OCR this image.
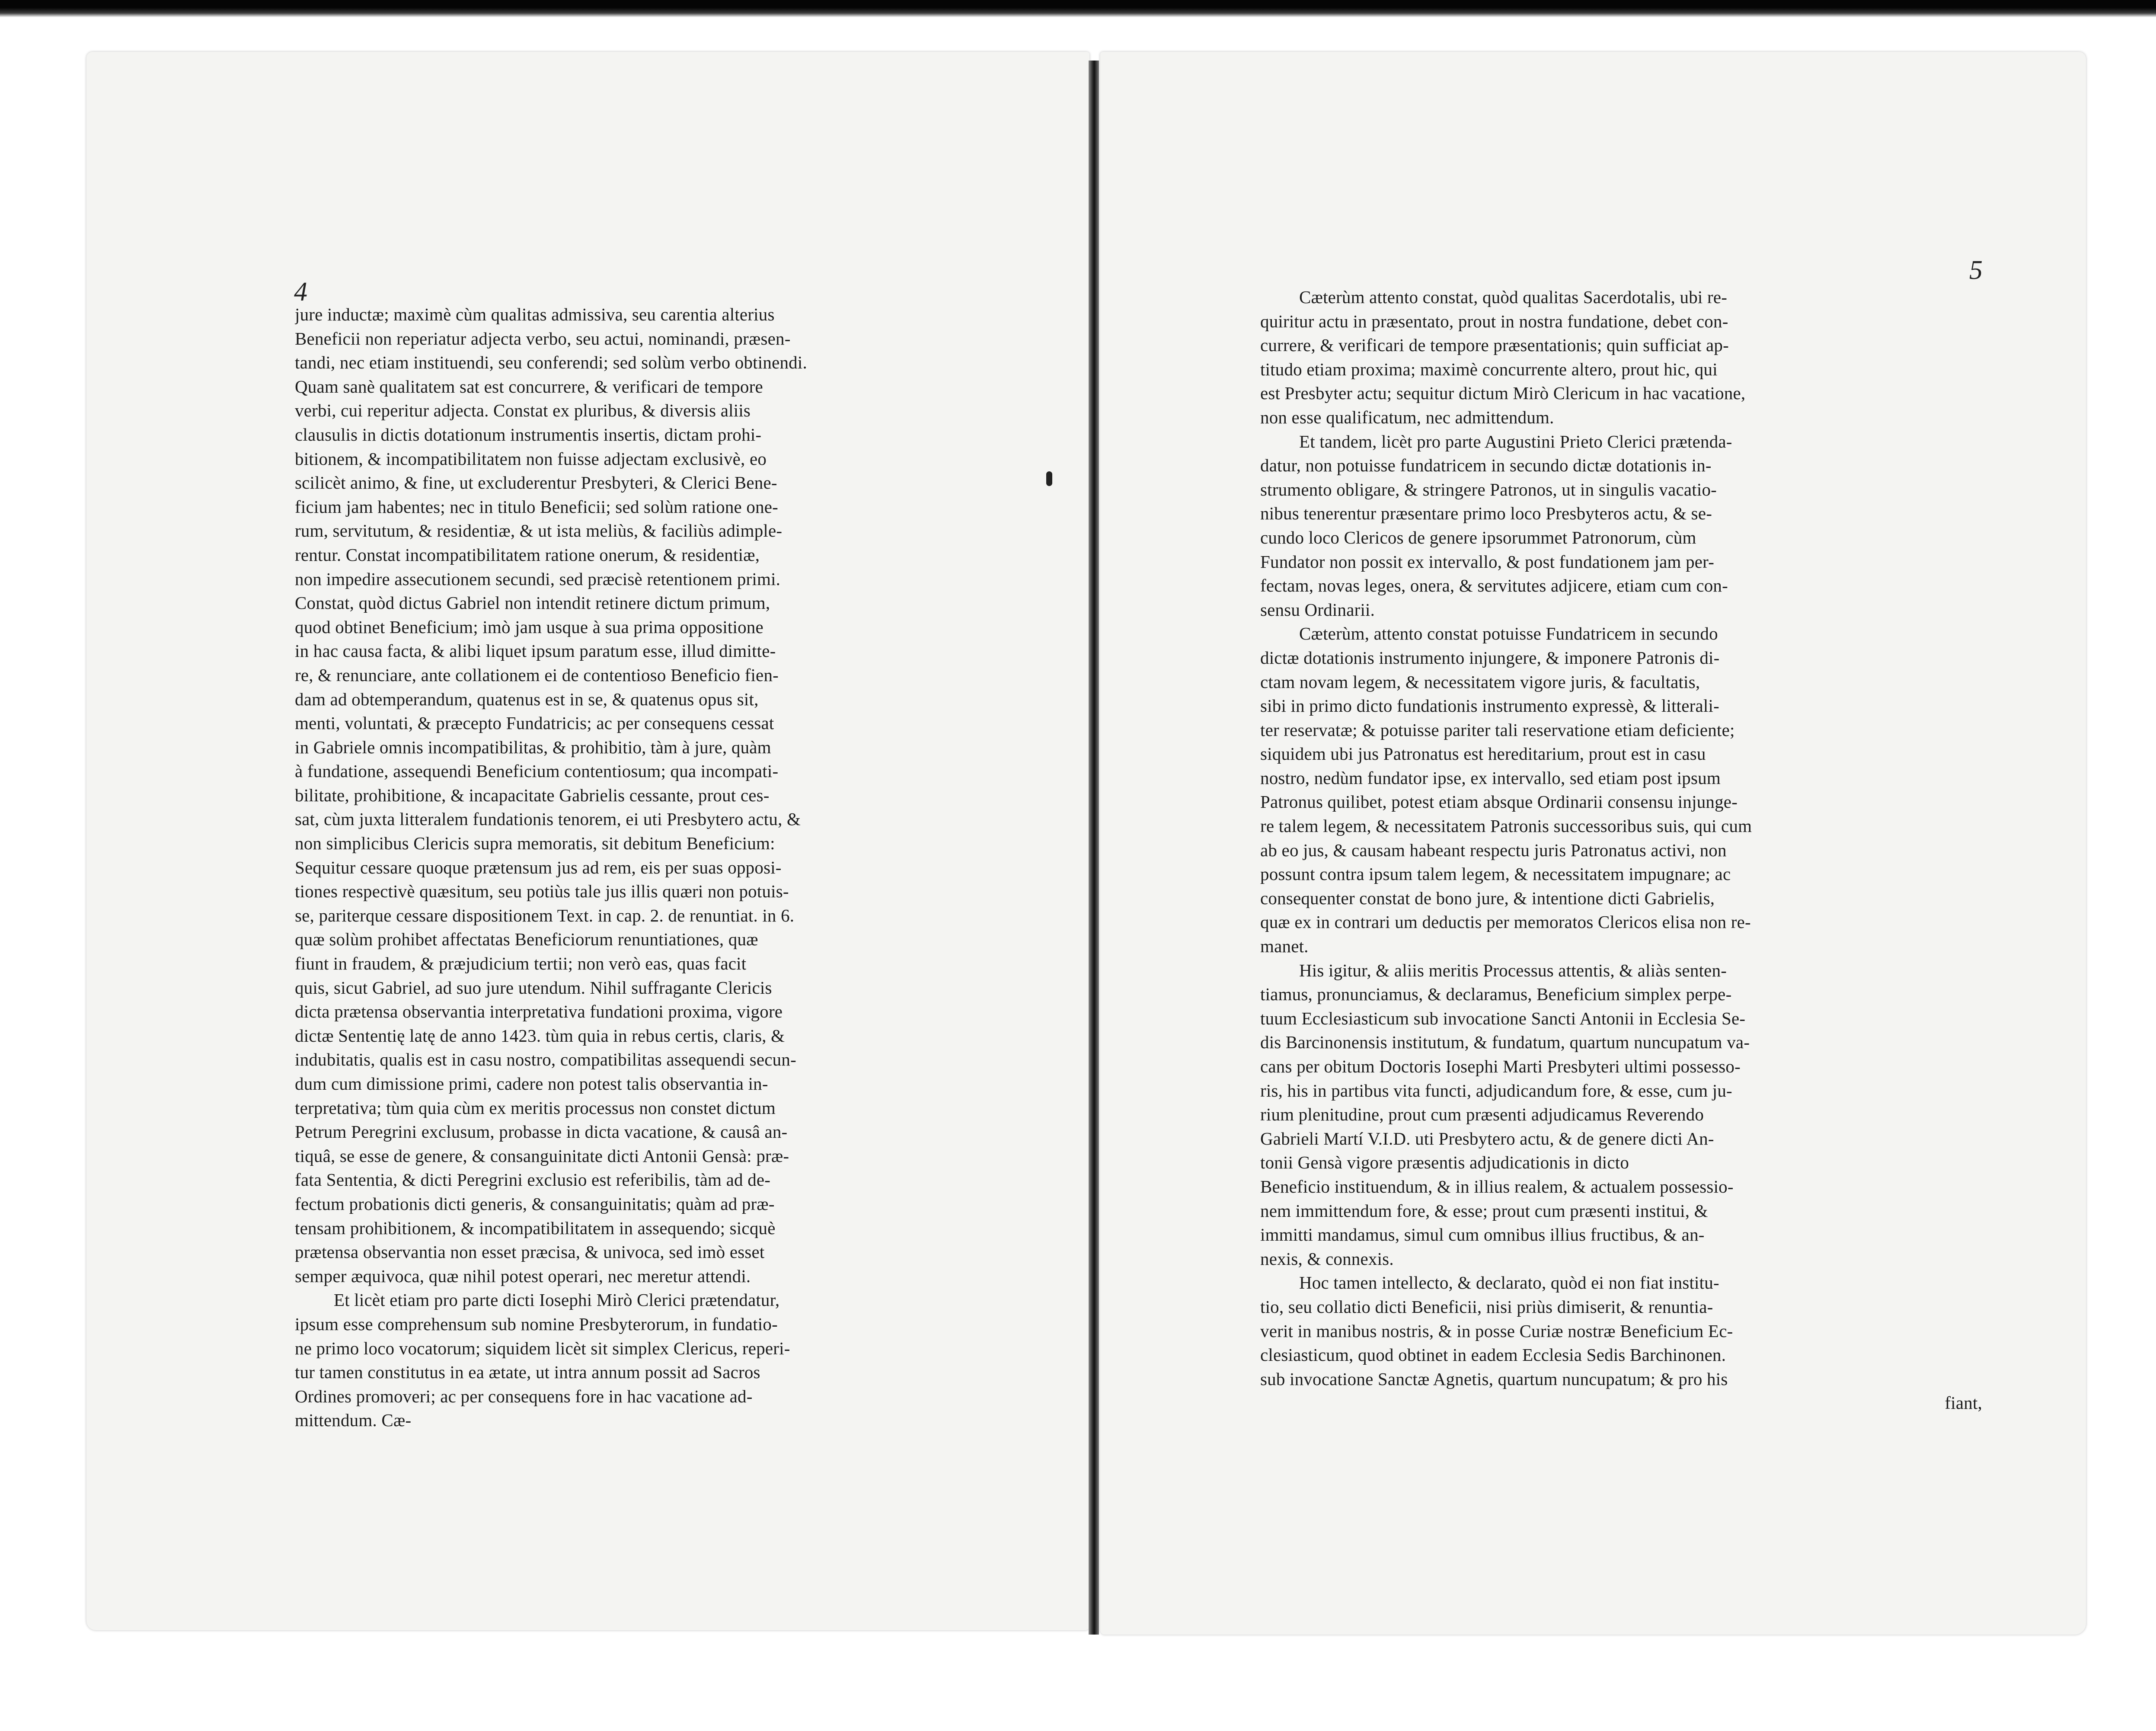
4
jure inductæ; maximè cùm qualitas admissiva, seu carentia alterius
Beneficii non reperiatur adjecta verbo, seu actui, nominandi, præsen-
tandi, nec etiam instituendi, seu conferendi; sed solùm verbo obtinendi.
Quam sanè qualitatem sat est concurrere, & verificari de tempore
verbi, cui reperitur adjecta. Constat ex pluribus, & diversis aliis
clausulis in dictis dotationum instrumentis insertis, dictam prohi-
bitionem, & incompatibilitatem non fuisse adjectam exclusivè, eo
scilicèt animo, & fine, ut excluderentur Presbyteri, & Clerici Bene-
ficium jam habentes; nec in titulo Beneficii; sed solùm ratione one-
rum, servitutum, & residentiæ, & ut ista meliùs, & faciliùs adimple-
rentur. Constat incompatibilitatem ratione onerum, & residentiæ,
non impedire assecutionem secundi, sed præcisè retentionem primi.
Constat, quòd dictus Gabriel non intendit retinere dictum primum,
quod obtinet Beneficium; imò jam usque à sua prima oppositione
in hac causa facta, & alibi liquet ipsum paratum esse, illud dimitte-
re, & renunciare, ante collationem ei de contentioso Beneficio fien-
dam ad obtemperandum, quatenus est in se, & quatenus opus sit,
menti, voluntati, & præcepto Fundatricis; ac per consequens cessat
in Gabriele omnis incompatibilitas, & prohibitio, tàm à jure, quàm
à fundatione, assequendi Beneficium contentiosum; qua incompati-
bilitate, prohibitione, & incapacitate Gabrielis cessante, prout ces-
sat, cùm juxta litteralem fundationis tenorem, ei uti Presbytero actu, &
non simplicibus Clericis supra memoratis, sit debitum Beneficium:
Sequitur cessare quoque prætensum jus ad rem, eis per suas opposi-
tiones respectivè quæsitum, seu potiùs tale jus illis quæri non potuis-
se, pariterque cessare dispositionem Text. in cap. 2. de renuntiat. in 6.
quæ solùm prohibet affectatas Beneficiorum renuntiationes, quæ
fiunt in fraudem, & præjudicium tertii; non verò eas, quas facit
quis, sicut Gabriel, ad suo jure utendum. Nihil suffragante Clericis
dicta prætensa observantia interpretativa fundationi proxima, vigore
dictæ Sententię latę de anno 1423. tùm quia in rebus certis, claris, &
indubitatis, qualis est in casu nostro, compatibilitas assequendi secun-
dum cum dimissione primi, cadere non potest talis observantia in-
terpretativa; tùm quia cùm ex meritis processus non constet dictum
Petrum Peregrini exclusum, probasse in dicta vacatione, & causâ an-
tiquâ, se esse de genere, & consanguinitate dicti Antonii Gensà: præ-
fata Sententia, & dicti Peregrini exclusio est referibilis, tàm ad de-
fectum probationis dicti generis, & consanguinitatis; quàm ad præ-
tensam prohibitionem, & incompatibilitatem in assequendo; sicquè
prætensa observantia non esset præcisa, & univoca, sed imò esset
semper æquivoca, quæ nihil potest operari, nec meretur attendi.
Et licèt etiam pro parte dicti Iosephi Mirò Clerici prætendatur,
ipsum esse comprehensum sub nomine Presbyterorum, in fundatio-
ne primo loco vocatorum; siquidem licèt sit simplex Clericus, reperi-
tur tamen constitutus in ea ætate, ut intra annum possit ad Sacros
Ordines promoveri; ac per consequens fore in hac vacatione ad-
mittendum. Cæ-
5
Cæterùm attento constat, quòd qualitas Sacerdotalis, ubi re-
quiritur actu in præsentato, prout in nostra fundatione, debet con-
currere, & verificari de tempore præsentationis; quin sufficiat ap-
titudo etiam proxima; maximè concurrente altero, prout hic, qui
est Presbyter actu; sequitur dictum Mirò Clericum in hac vacatione,
non esse qualificatum, nec admittendum.
Et tandem, licèt pro parte Augustini Prieto Clerici prætenda-
datur, non potuisse fundatricem in secundo dictæ dotationis in-
strumento obligare, & stringere Patronos, ut in singulis vacatio-
nibus tenerentur præsentare primo loco Presbyteros actu, & se-
cundo loco Clericos de genere ipsorummet Patronorum, cùm
Fundator non possit ex intervallo, & post fundationem jam per-
fectam, novas leges, onera, & servitutes adjicere, etiam cum con-
sensu Ordinarii.
Cæterùm, attento constat potuisse Fundatricem in secundo
dictæ dotationis instrumento injungere, & imponere Patronis di-
ctam novam legem, & necessitatem vigore juris, & facultatis,
sibi in primo dicto fundationis instrumento expressè, & litterali-
ter reservatæ; & potuisse pariter tali reservatione etiam deficiente;
siquidem ubi jus Patronatus est hereditarium, prout est in casu
nostro, nedùm fundator ipse, ex intervallo, sed etiam post ipsum
Patronus quilibet, potest etiam absque Ordinarii consensu injunge-
re talem legem, & necessitatem Patronis successoribus suis, qui cum
ab eo jus, & causam habeant respectu juris Patronatus activi, non
possunt contra ipsum talem legem, & necessitatem impugnare; ac
consequenter constat de bono jure, & intentione dicti Gabrielis,
quæ ex in contrari um deductis per memoratos Clericos elisa non re-
manet.
His igitur, & aliis meritis Processus attentis, & aliàs senten-
tiamus, pronunciamus, & declaramus, Beneficium simplex perpe-
tuum Ecclesiasticum sub invocatione Sancti Antonii in Ecclesia Se-
dis Barcinonensis institutum, & fundatum, quartum nuncupatum va-
cans per obitum Doctoris Iosephi Marti Presbyteri ultimi possesso-
ris, his in partibus vita functi, adjudicandum fore, & esse, cum ju-
rium plenitudine, prout cum præsenti adjudicamus Reverendo
Gabrieli Martí V.I.D. uti Presbytero actu, & de genere dicti An-
tonii Gensà vigore præsentis adjudicationis in dicto
Beneficio instituendum, & in illius realem, & actualem possessio-
nem immittendum fore, & esse; prout cum præsenti institui, &
immitti mandamus, simul cum omnibus illius fructibus, & an-
nexis, & connexis.
Hoc tamen intellecto, & declarato, quòd ei non fiat institu-
tio, seu collatio dicti Beneficii, nisi priùs dimiserit, & renuntia-
verit in manibus nostris, & in posse Curiæ nostræ Beneficium Ec-
clesiasticum, quod obtinet in eadem Ecclesia Sedis Barchinonen.
sub invocatione Sanctæ Agnetis, quartum nuncupatum; & pro his
fiant,
